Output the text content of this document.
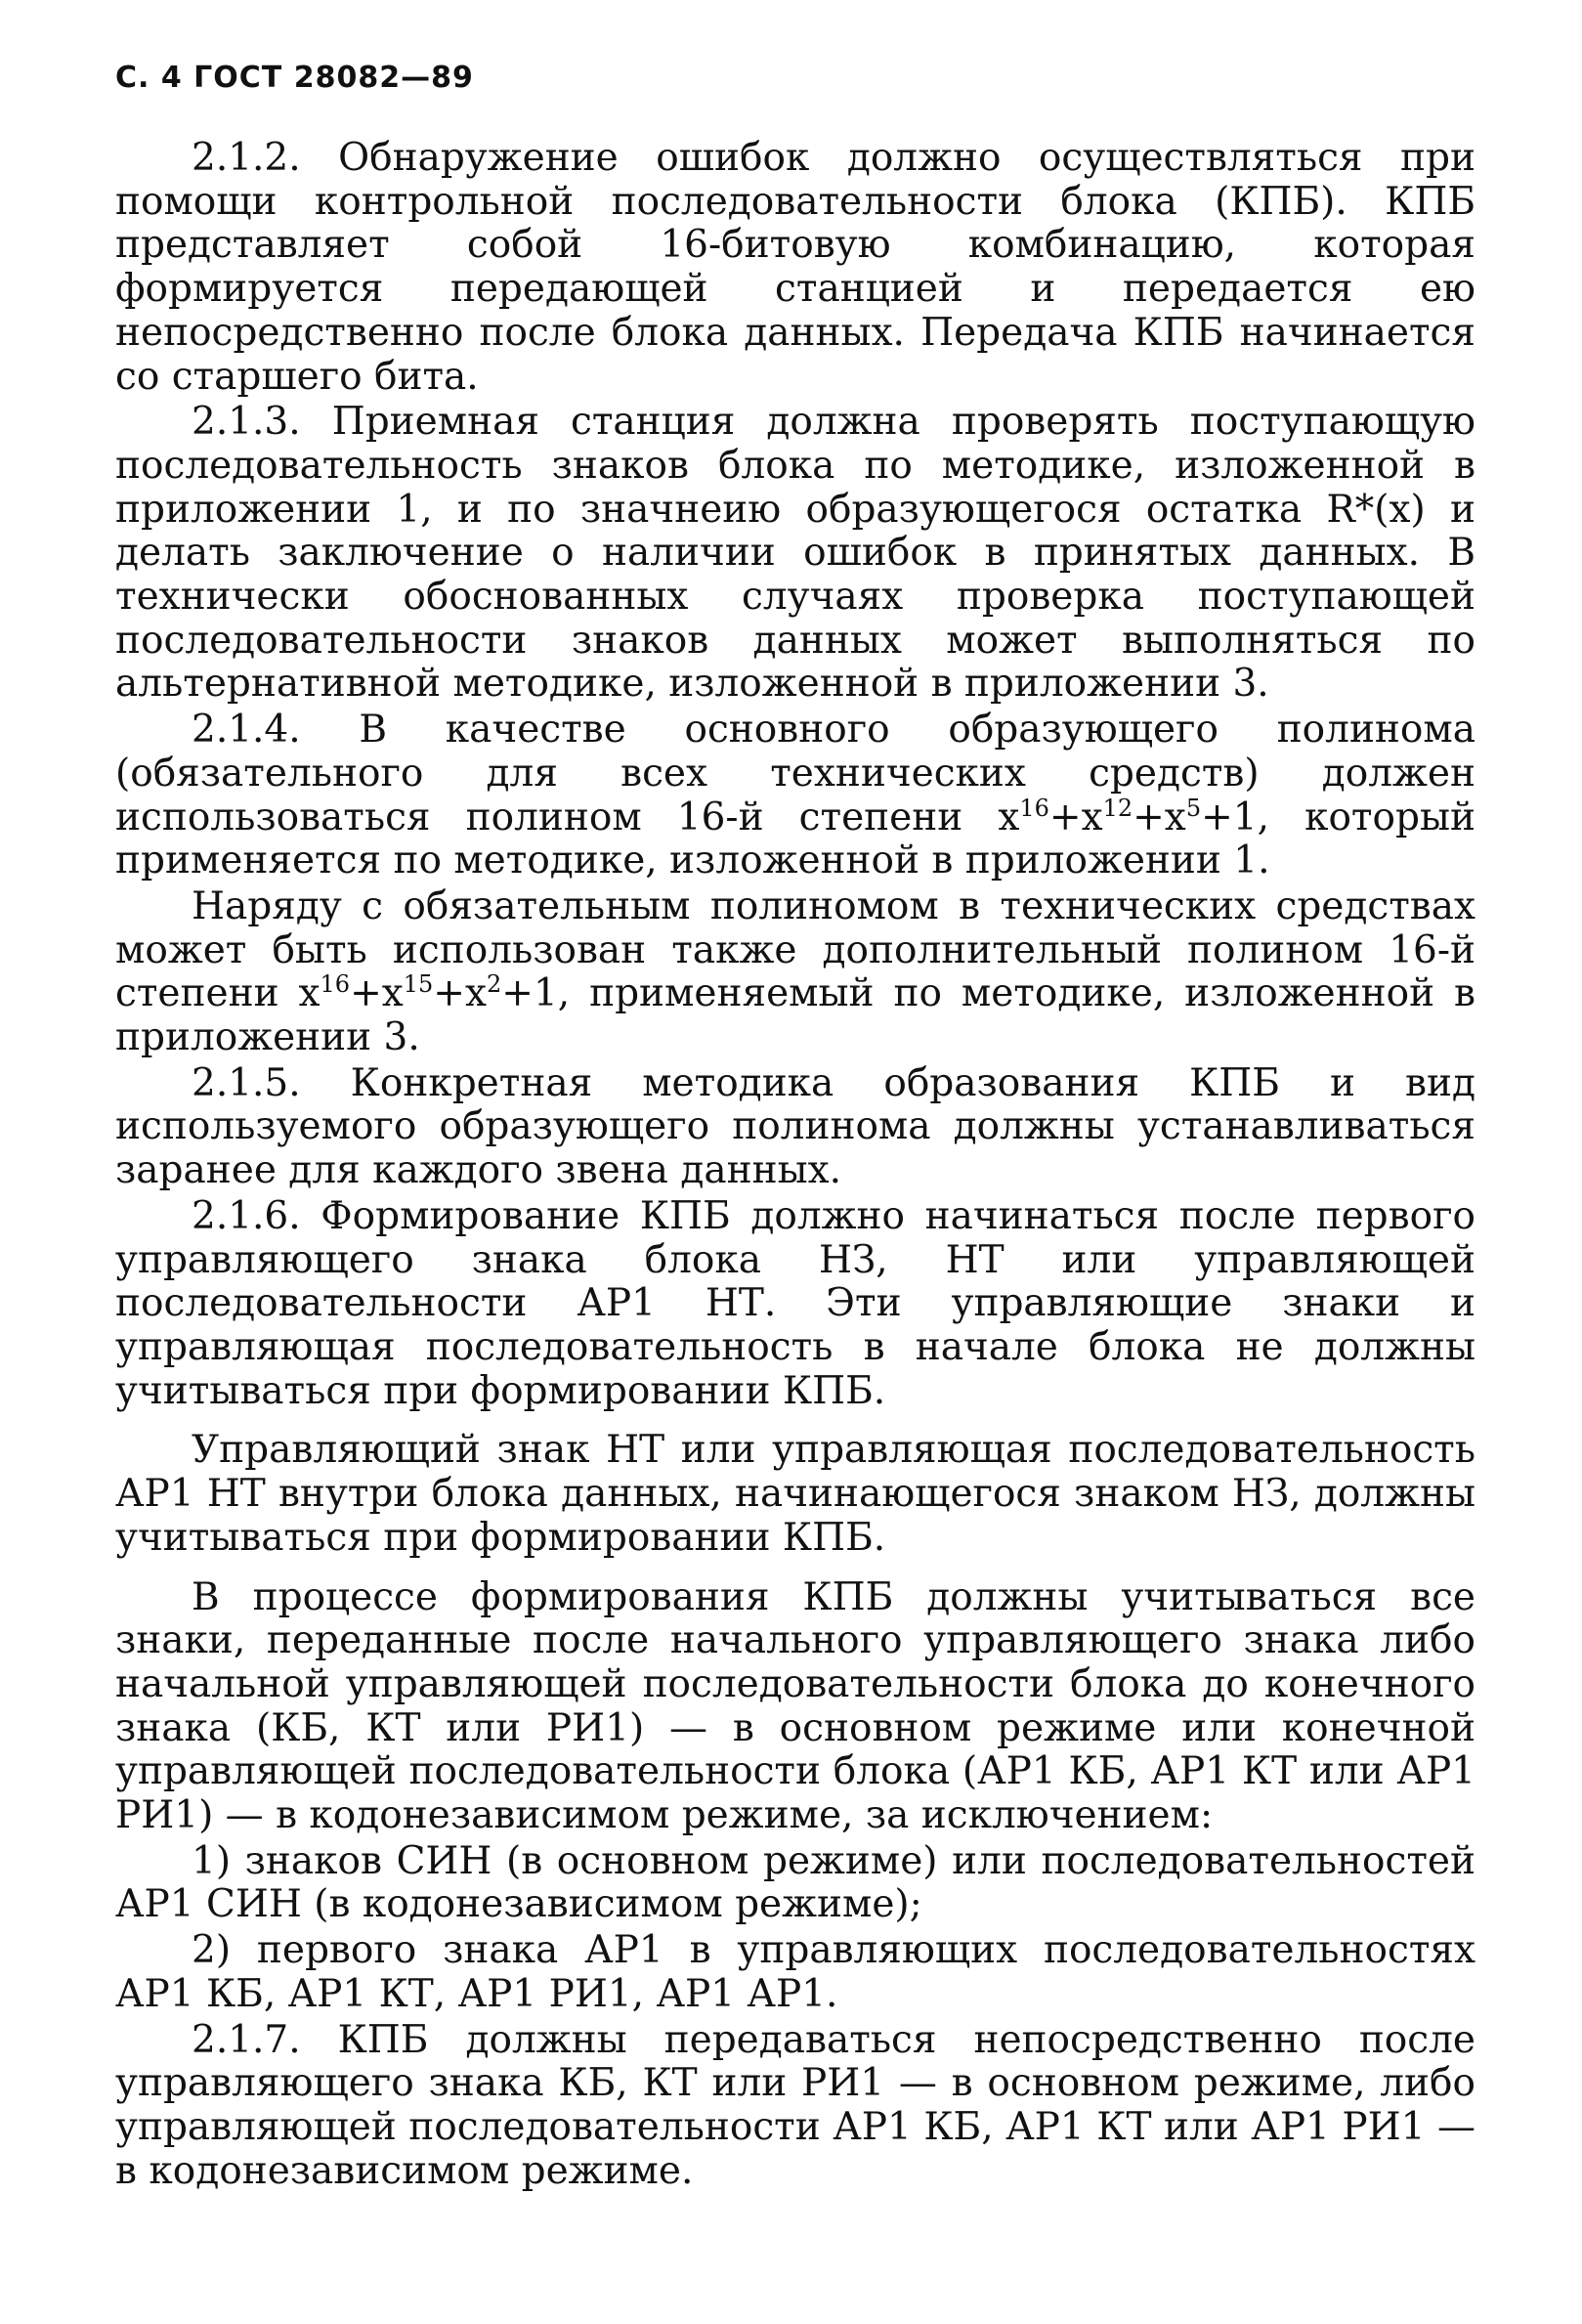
С. 4 ГОСТ 28082—89

2.1.2. Обнаружение ошибок должно осуществляться при помощи контрольной последовательности блока (КПБ). КПБ представляет собой 16-битовую комбинацию, которая формируется передающей станцией и передается ею непосредственно после блока данных. Передача КПБ начинается со старшего бита.

2.1.3. Приемная станция должна проверять поступающую последовательность знаков блока по методике, изложенной в приложении 1, и по значнеию образующегося остатка R*(x) и делать заключение о наличии ошибок в принятых данных. В технически обоснованных случаях проверка поступающей последовательности знаков данных может выполняться по альтернативной методике, изложенной в приложении 3.

2.1.4. В качестве основного образующего полинома (обязательного для всех технических средств) должен использоваться полином 16-й степени $x^{16}+x^{12}+x^5+1$, который применяется по методике, изложенной в приложении 1.

Наряду с обязательным полиномом в технических средствах может быть использован также дополнительный полином 16-й степени $x^{16}+x^{15}+x^2+1$, применяемый по методике, изложенной в приложении 3.

2.1.5. Конкретная методика образования КПБ и вид используемого образующего полинома должны устанавливаться заранее для каждого звена данных.

2.1.6. Формирование КПБ должно начинаться после первого управляющего знака блока НЗ, НТ или управляющей последовательности АР1 НТ. Эти управляющие знаки и управляющая последовательность в начале блока не должны учитываться при формировании КПБ.

Управляющий знак НТ или управляющая последовательность АР1 НТ внутри блока данных, начинающегося знаком НЗ, должны учитываться при формировании КПБ.

В процессе формирования КПБ должны учитываться все знаки, переданные после начального управляющего знака либо начальной управляющей последовательности блока до конечного знака (КБ, КТ или РИ1) — в основном режиме или конечной управляющей последовательности блока (АР1 КБ, АР1 КТ или АР1 РИ1) — в кодонезависимом режиме, за исключением:

1) знаков СИН (в основном режиме) или последовательностей АР1 СИН (в кодонезависимом режиме);

2) первого знака АР1 в управляющих последовательностях АР1 КБ, АР1 КТ, АР1 РИ1, АР1 АР1.

2.1.7. КПБ должны передаваться непосредственно после управляющего знака КБ, КТ или РИ1 — в основном режиме, либо управляющей последовательности АР1 КБ, АР1 КТ или АР1 РИ1 — в кодонезависимом режиме.
